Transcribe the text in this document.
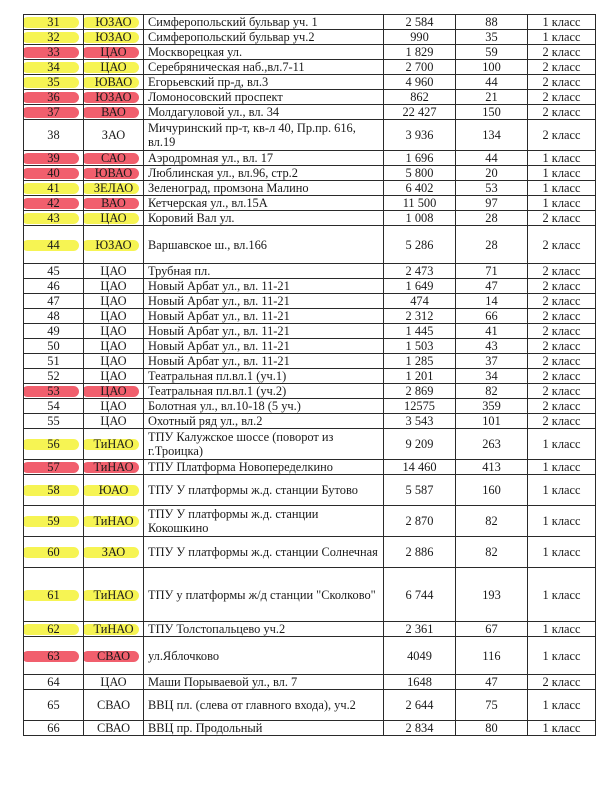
31	ЮЗАО	Симферопольский бульвар уч. 1	2 584	88	1 класс

32	ЮЗАО	Симферопольский бульвар уч.2	990	35	1 класс

33	ЦАО	Москворецкая ул.	1 829	59	2 класс

34	ЦАО	Серебряническая наб.,вл.7-11	2 700	100	2 класс

35	ЮВАО	Егорьевский пр-д, вл.3	4 960	44	2 класс

36	ЮЗАО	Ломоносовский проспект	862	21	2 класс

37	ВАО	Молдагуловой ул., вл. 34	22 427	150	2 класс
38	ЗАО	Мичуринский пр-т, кв-л 40, Пр.пр. 616, вл.19	3 936	134	2 класс

39	САО	Аэродромная ул., вл. 17	1 696	44	1 класс

40	ЮВАО	Люблинская ул., вл.96, стр.2	5 800	20	1 класс

41	ЗЕЛАО	Зеленоград, промзона Малино	6 402	53	1 класс

42	ВАО	Кетчерская ул., вл.15А	11 500	97	1 класс

43	ЦАО	Коровий Вал ул.	1 008	28	2 класс

44	ЮЗАО	Варшавское ш., вл.166	5 286	28	2 класс
45	ЦАО	Трубная пл.	2 473	71	2 класс
46	ЦАО	Новый Арбат ул., вл. 11-21	1 649	47	2 класс
47	ЦАО	Новый Арбат ул., вл. 11-21	474	14	2 класс
48	ЦАО	Новый Арбат ул., вл. 11-21	2 312	66	2 класс
49	ЦАО	Новый Арбат ул., вл. 11-21	1 445	41	2 класс
50	ЦАО	Новый Арбат ул., вл. 11-21	1 503	43	2 класс
51	ЦАО	Новый Арбат ул., вл. 11-21	1 285	37	2 класс
52	ЦАО	Театральная пл.вл.1 (уч.1)	1 201	34	2 класс

53	ЦАО	Театральная пл.вл.1 (уч.2)	2 869	82	2 класс
54	ЦАО	Болотная ул., вл.10-18 (5 уч.)	12575	359	2 класс
55	ЦАО	Охотный ряд ул., вл.2	3 543	101	2 класс

56	ТиНАО	ТПУ Калужское шоссе (поворот из г.Троицка)	9 209	263	1 класс

57	ТиНАО	ТПУ Платформа Новопеределкино	14 460	413	1 класс

58	ЮАО	ТПУ У платформы ж.д. станции Бутово	5 587	160	1 класс

59	ТиНАО	ТПУ У платформы ж.д. станции Кокошкино	2 870	82	1 класс

60	ЗАО	ТПУ У платформы ж.д. станции Солнечная	2 886	82	1 класс

61	ТиНАО	ТПУ у платформы ж/д станции "Сколково"	6 744	193	1 класс

62	ТиНАО	ТПУ Толстопальцево уч.2	2 361	67	1 класс

63	СВАО	ул.Яблочково	4049	116	1 класс
64	ЦАО	Маши Порываевой ул., вл. 7	1648	47	2 класс
65	СВАО	ВВЦ пл. (слева от главного входа), уч.2	2 644	75	1 класс
66	СВАО	ВВЦ пр. Продольный	2 834	80	1 класс
